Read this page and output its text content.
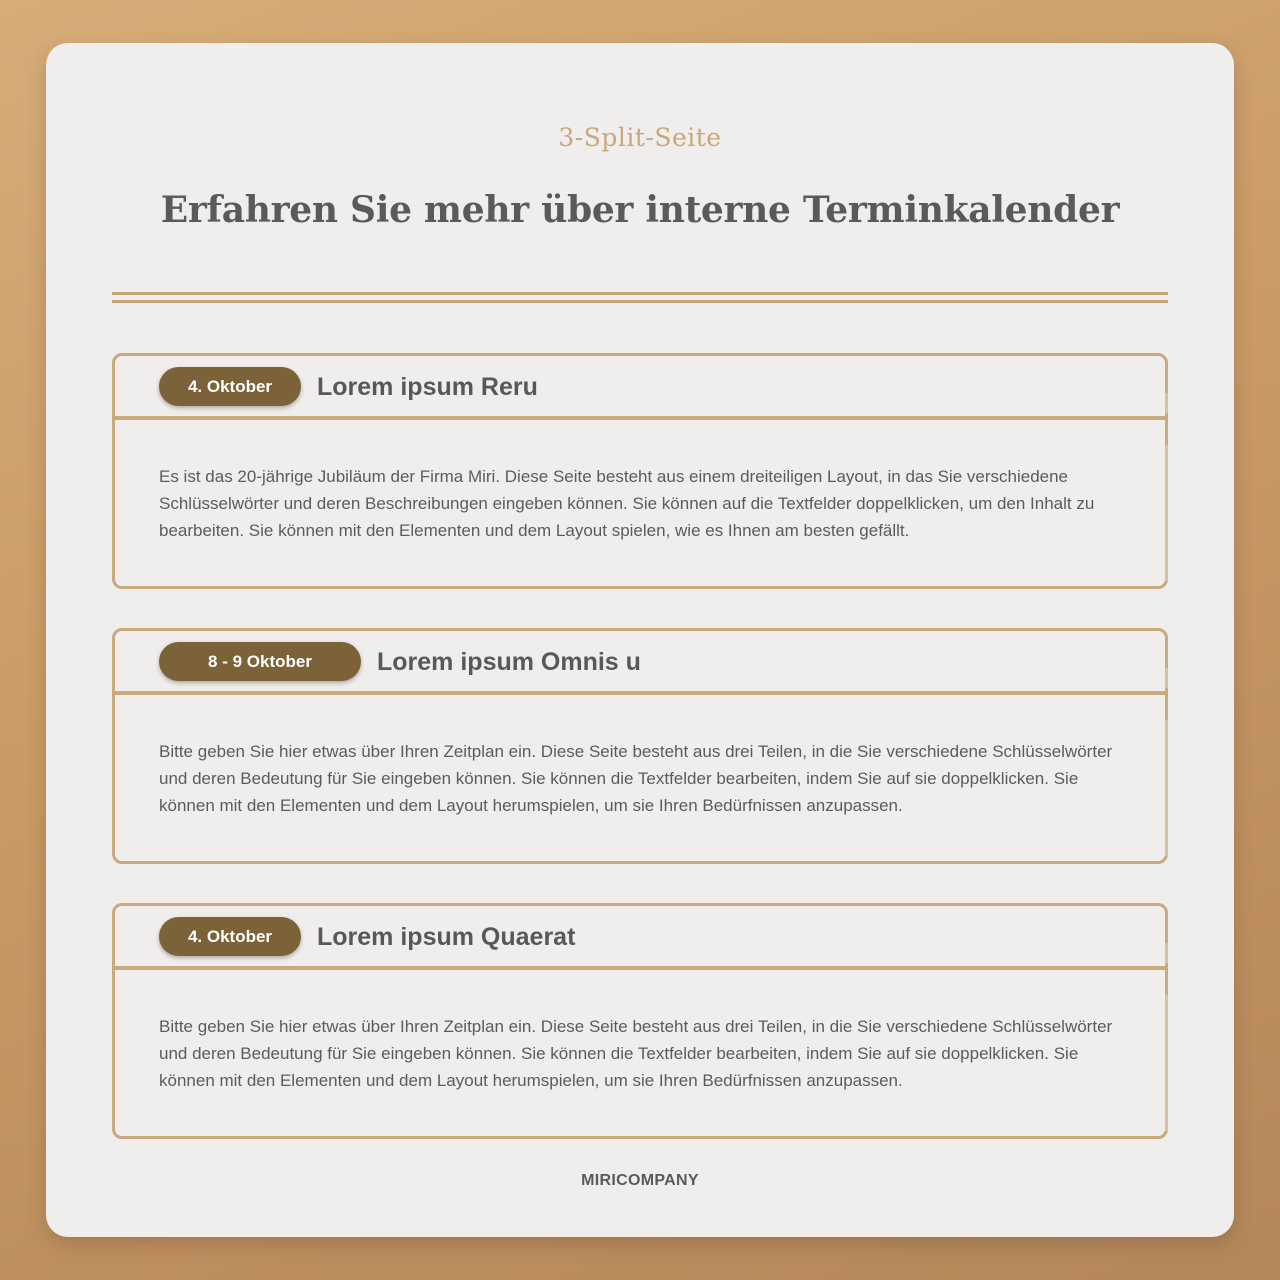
3-Split-Seite
Erfahren Sie mehr über interne Terminkalender
4. Oktober	Lorem ipsum Reru
Es ist das 20-jährige Jubiläum der Firma Miri. Diese Seite besteht aus einem dreiteiligen Layout, in das Sie verschiedene Schlüsselwörter und deren Beschreibungen eingeben können. Sie können auf die Textfelder doppelklicken, um den Inhalt zu bearbeiten. Sie können mit den Elementen und dem Layout spielen, wie es Ihnen am besten gefällt.
8 - 9 Oktober	Lorem ipsum Omnis u
Bitte geben Sie hier etwas über Ihren Zeitplan ein. Diese Seite besteht aus drei Teilen, in die Sie verschiedene Schlüsselwörter und deren Bedeutung für Sie eingeben können. Sie können die Textfelder bearbeiten, indem Sie auf sie doppelklicken. Sie können mit den Elementen und dem Layout herumspielen, um sie Ihren Bedürfnissen anzupassen.
4. Oktober	Lorem ipsum Quaerat
Bitte geben Sie hier etwas über Ihren Zeitplan ein. Diese Seite besteht aus drei Teilen, in die Sie verschiedene Schlüsselwörter und deren Bedeutung für Sie eingeben können. Sie können die Textfelder bearbeiten, indem Sie auf sie doppelklicken. Sie können mit den Elementen und dem Layout herumspielen, um sie Ihren Bedürfnissen anzupassen.
MIRICOMPANY
